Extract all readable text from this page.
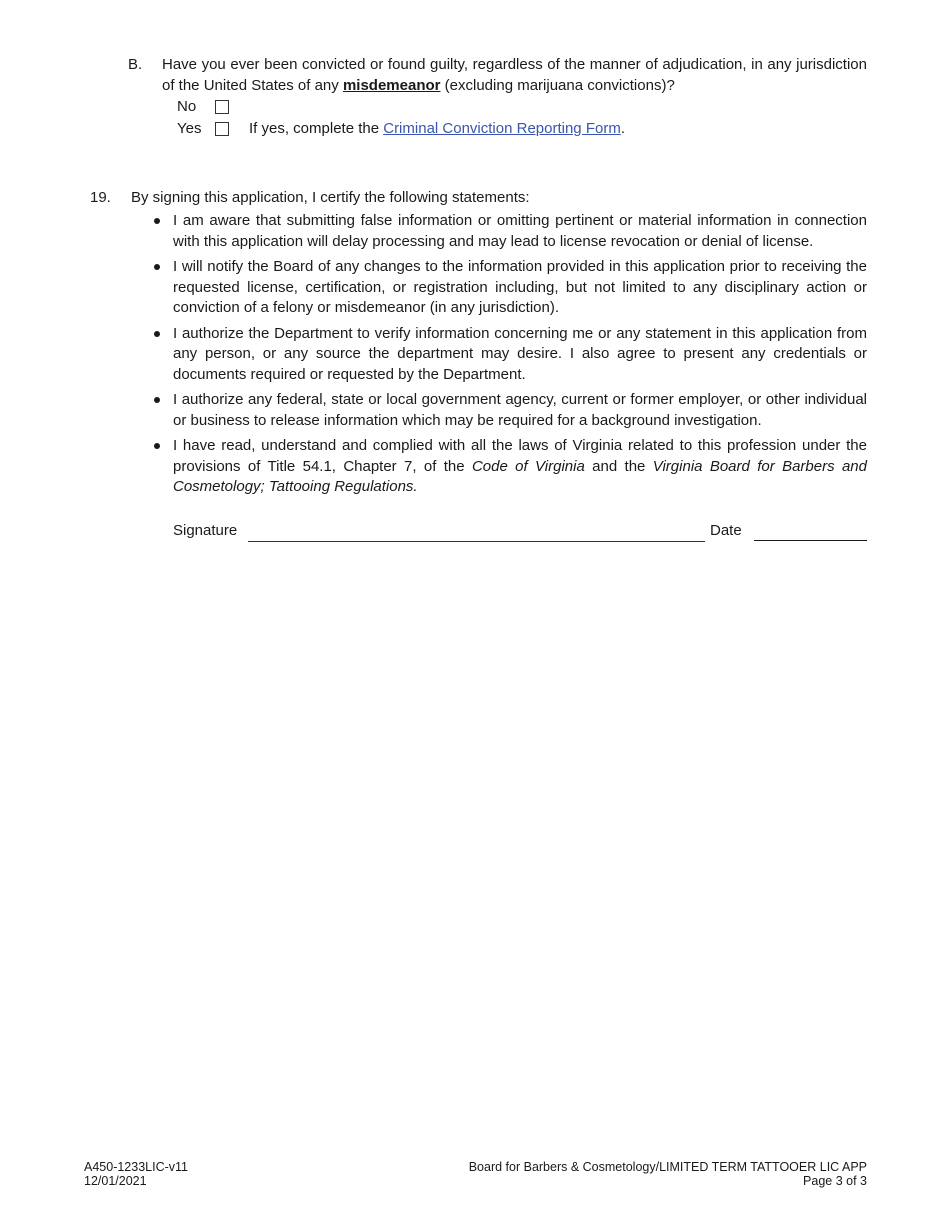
B. Have you ever been convicted or found guilty, regardless of the manner of adjudication, in any jurisdiction of the United States of any misdemeanor (excluding marijuana convictions)?
No
Yes	If yes, complete the Criminal Conviction Reporting Form.
19. By signing this application, I certify the following statements:
I am aware that submitting false information or omitting pertinent or material information in connection with this application will delay processing and may lead to license revocation or denial of license.
I will notify the Board of any changes to the information provided in this application prior to receiving the requested license, certification, or registration including, but not limited to any disciplinary action or conviction of a felony or misdemeanor (in any jurisdiction).
I authorize the Department to verify information concerning me or any statement in this application from any person, or any source the department may desire. I also agree to present any credentials or documents required or requested by the Department.
I authorize any federal, state or local government agency, current or former employer, or other individual or business to release information which may be required for a background investigation.
I have read, understand and complied with all the laws of Virginia related to this profession under the provisions of Title 54.1, Chapter 7, of the Code of Virginia and the Virginia Board for Barbers and Cosmetology; Tattooing Regulations.
Signature	Date
A450-1233LIC-v11
12/01/2021
Board for Barbers & Cosmetology/LIMITED TERM TATTOOER LIC APP
Page 3 of 3
